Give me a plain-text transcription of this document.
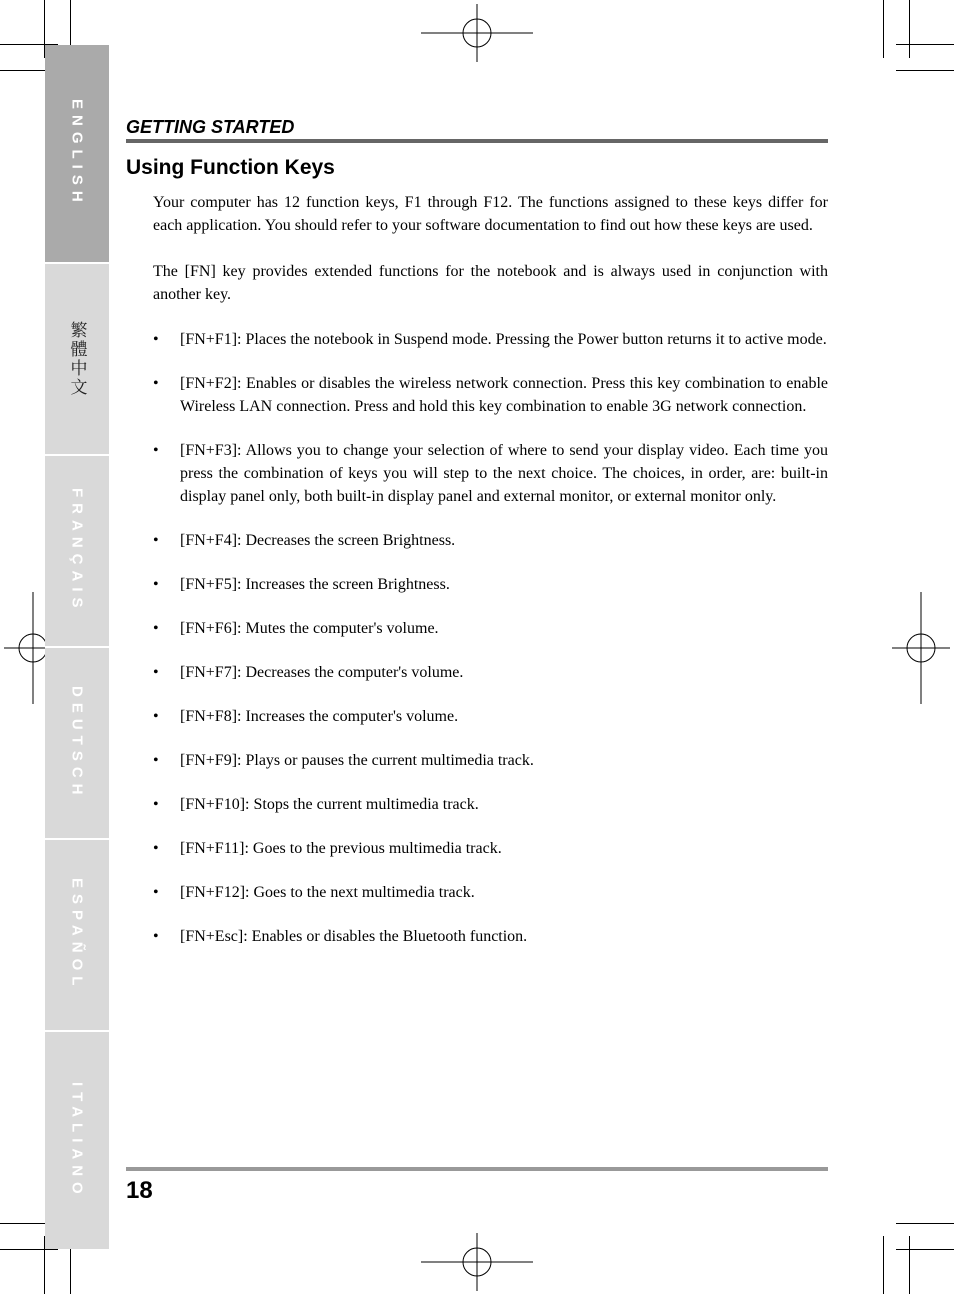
ENGLISH
繁體中文
FRANÇAIS
DEUTSCH
ESPAÑOL
ITALIANO
GETTING STARTED
Using Function Keys

Your computer has 12 function keys, F1 through F12. The functions assigned to these keys differ for each application. You should refer to your software documentation to find out how these keys are used.

The [FN] key provides extended functions for the notebook and is always used in conjunction with another key.

• [FN+F1]: Places the notebook in Suspend mode. Pressing the Power button returns it to active mode.
• [FN+F2]: Enables or disables the wireless network connection. Press this key combination to enable Wireless LAN connection. Press and hold this key combination to enable 3G network connection.
• [FN+F3]: Allows you to change your selection of where to send your display video. Each time you press the combination of keys you will step to the next choice. The choices, in order, are: built-in display panel only, both built-in display panel and external monitor, or external monitor only.
• [FN+F4]: Decreases the screen Brightness.
• [FN+F5]: Increases the screen Brightness.
• [FN+F6]: Mutes the computer's volume.
• [FN+F7]: Decreases the computer's volume.
• [FN+F8]: Increases the computer's volume.
• [FN+F9]: Plays or pauses the current multimedia track.
• [FN+F10]: Stops the current multimedia track.
• [FN+F11]: Goes to the previous multimedia track.
• [FN+F12]: Goes to the next multimedia track.
• [FN+Esc]: Enables or disables the Bluetooth function.
18
